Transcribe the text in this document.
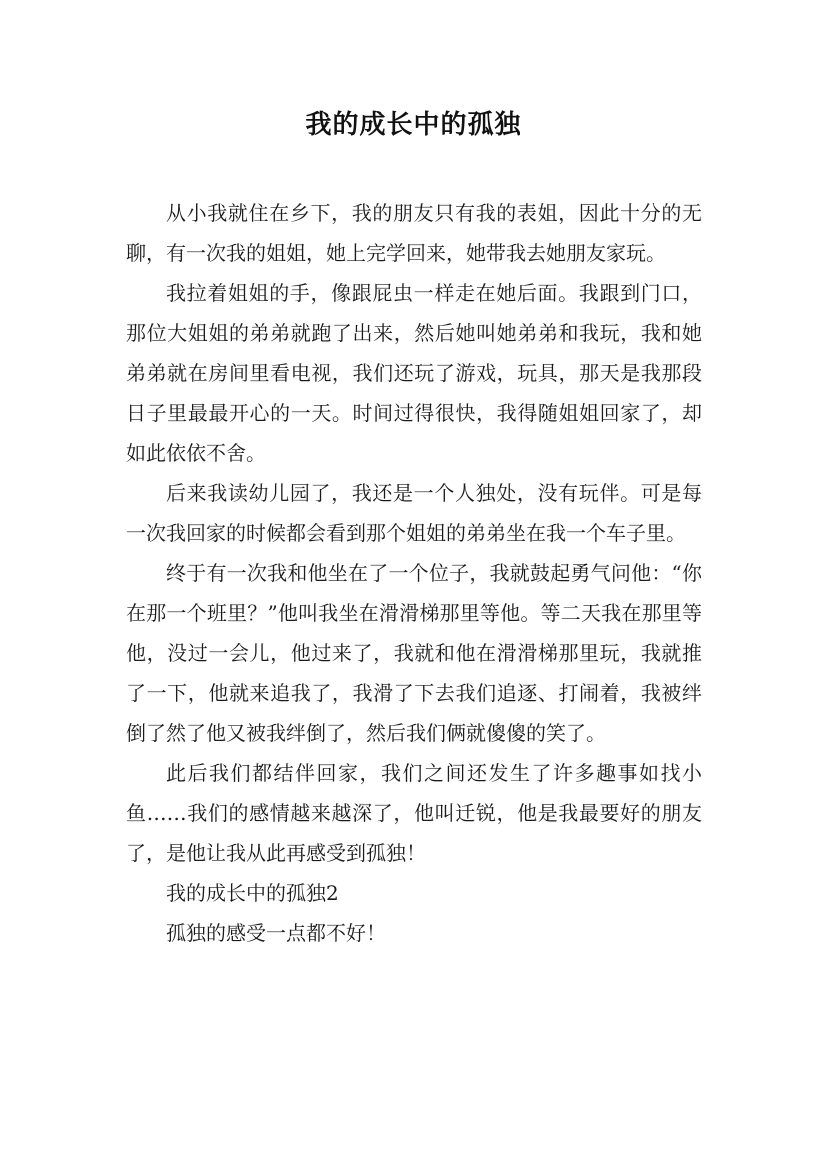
我的成长中的孤独

从小我就住在乡下，我的朋友只有我的表姐，因此十分的无聊，有一次我的姐姐，她上完学回来，她带我去她朋友家玩。

我拉着姐姐的手，像跟屁虫一样走在她后面。我跟到门口，那位大姐姐的弟弟就跑了出来，然后她叫她弟弟和我玩，我和她弟弟就在房间里看电视，我们还玩了游戏，玩具，那天是我那段日子里最最开心的一天。时间过得很快，我得随姐姐回家了，却如此依依不舍。

后来我读幼儿园了，我还是一个人独处，没有玩伴。可是每一次我回家的时候都会看到那个姐姐的弟弟坐在我一个车子里。

终于有一次我和他坐在了一个位子，我就鼓起勇气问他：“你在那一个班里？”他叫我坐在滑滑梯那里等他。等二天我在那里等他，没过一会儿，他过来了，我就和他在滑滑梯那里玩，我就推了一下，他就来追我了，我滑了下去我们追逐、打闹着，我被绊倒了然了他又被我绊倒了，然后我们俩就傻傻的笑了。

此后我们都结伴回家，我们之间还发生了许多趣事如找小鱼……我们的感情越来越深了，他叫迁锐，他是我最要好的朋友了，是他让我从此再感受到孤独！

我的成长中的孤独2

孤独的感受一点都不好！
